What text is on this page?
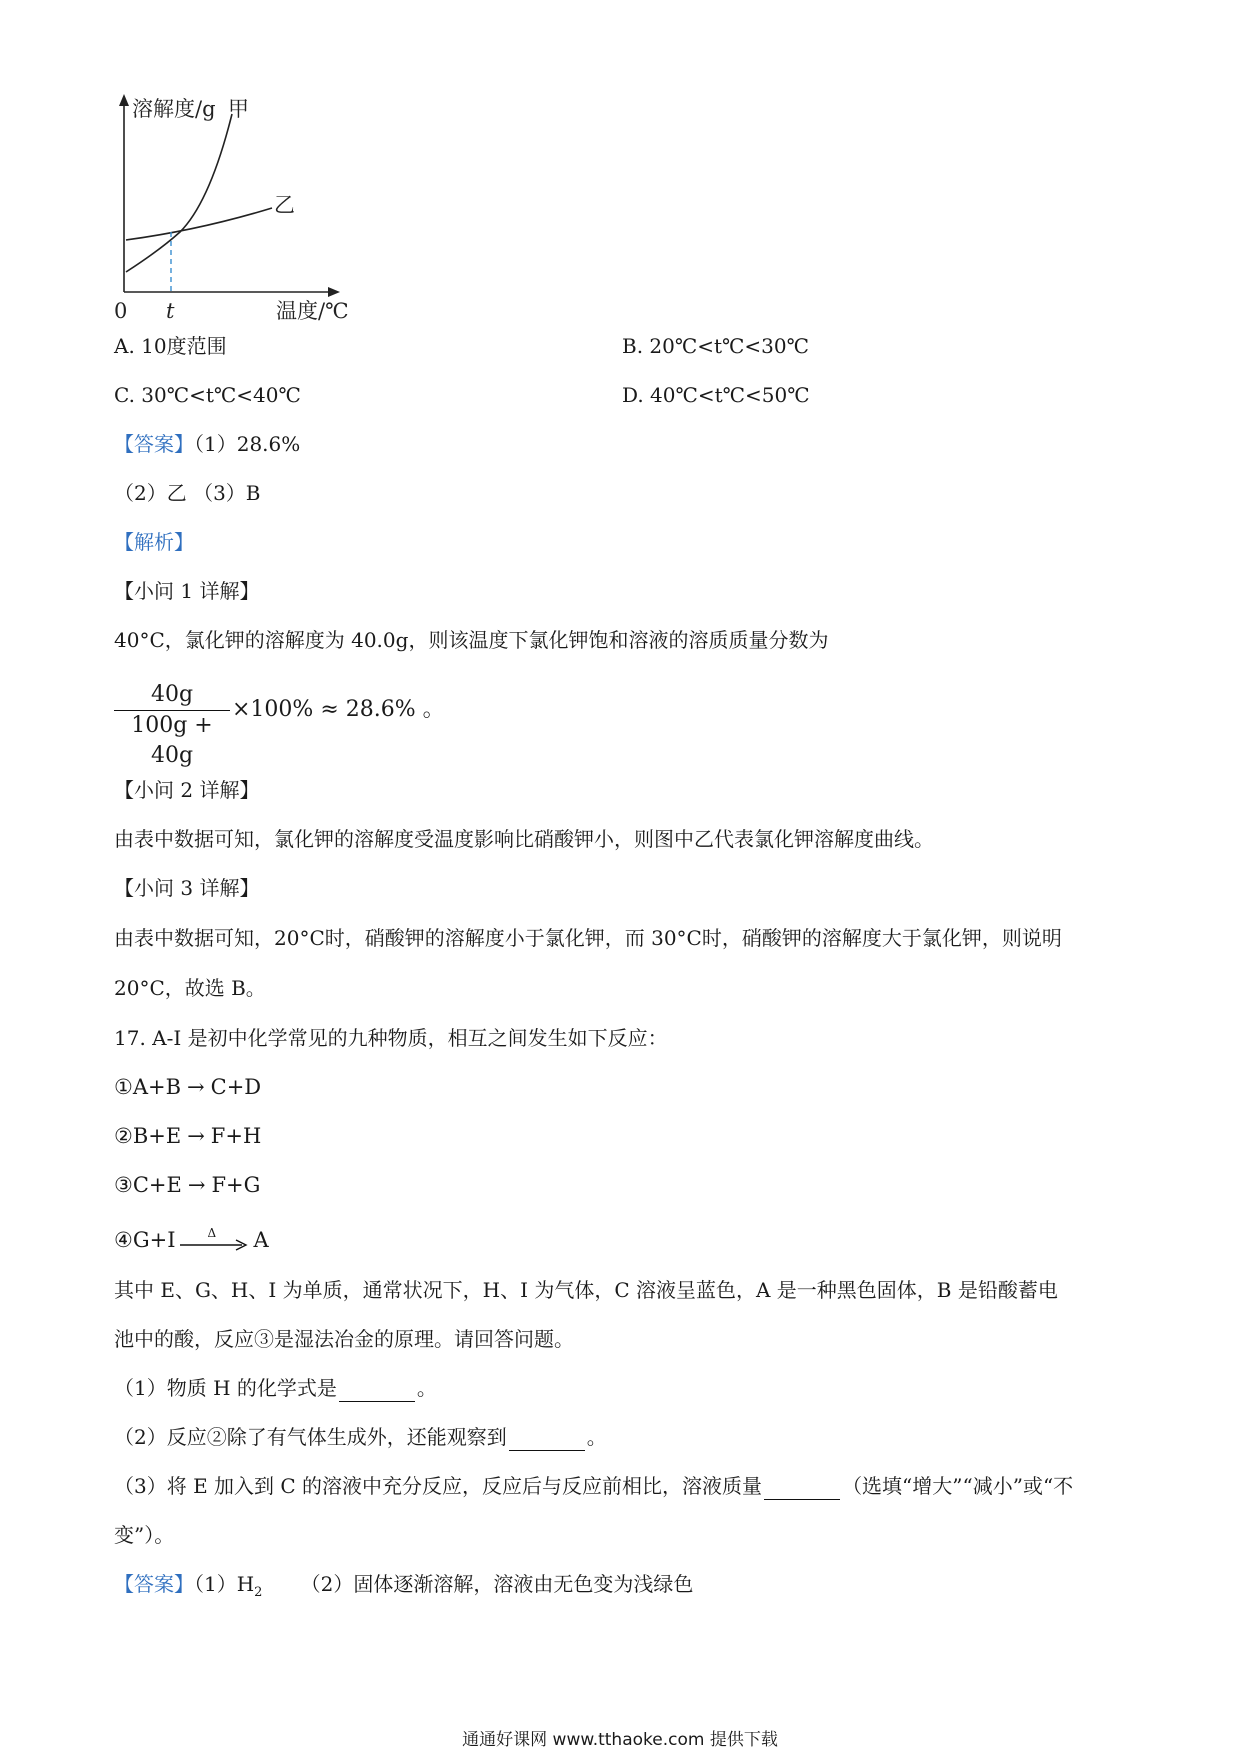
溶解度/g 甲
乙
0 t	温度/℃
A. 10度范围	B. 20℃<t℃<30℃
C. 30℃<t℃<40℃	D. 40℃<t℃<50℃
【答案】（1）28.6%
（2）乙 （3）B
【解析】
【小问 1 详解】
40°C，氯化钾的溶解度为 40.0g，则该温度下氯化钾饱和溶液的溶质质量分数为
$\frac{40g}{100g + 40g} \times 100\% \approx 28.6\%$ 。
【小问 2 详解】
由表中数据可知，氯化钾的溶解度受温度影响比硝酸钾小，则图中乙代表氯化钾溶解度曲线。
【小问 3 详解】
由表中数据可知，20°C时，硝酸钾的溶解度小于氯化钾，而 30°C时，硝酸钾的溶解度大于氯化钾，则说明
20°C，故选 B。
17. A-I 是初中化学常见的九种物质，相互之间发生如下反应：
①A+B → C+D
②B+E → F+H
③C+E → F+G
④G+I	Δ A
其中 E、G、H、I 为单质，通常状况下，H、I 为气体，C 溶液呈蓝色，A 是一种黑色固体，B 是铅酸蓄电
池中的酸，反应③是湿法冶金的原理。请回答问题。
（1）物质 H 的化学式是	。
（2）反应②除了有气体生成外，还能观察到	。
（3）将 E 加入到 C 的溶液中充分反应，反应后与反应前相比，溶液质量	（选填“增大”“减小”或“不
变”）。
【答案】$(1)H_2$      （2）固体逐渐溶解，溶液由无色变为浅绿色
通通好课网 www.tthaoke.com 提供下载
